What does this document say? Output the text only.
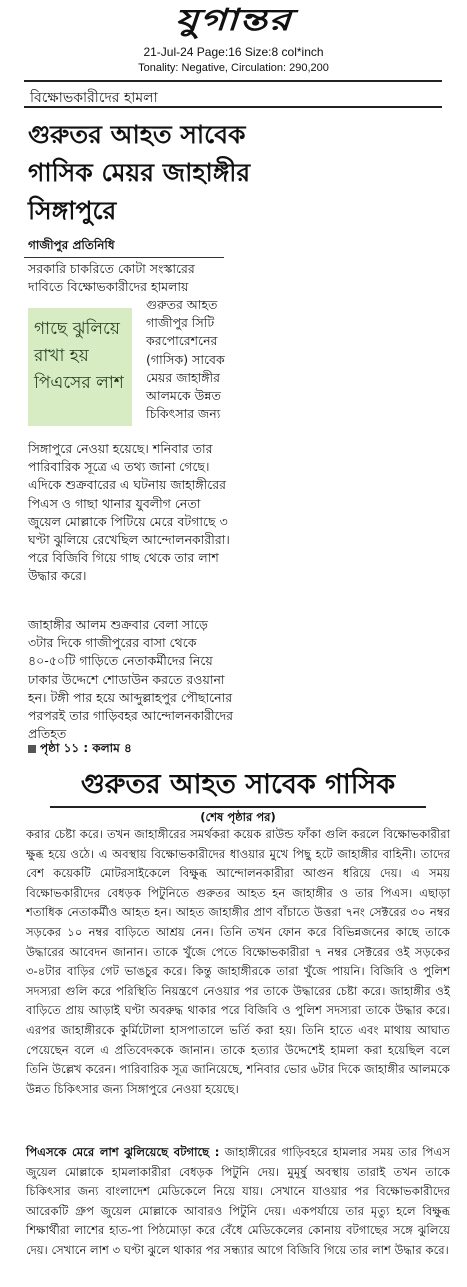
যুগান্তর
21-Jul-24 Page:16 Size:8 col*inch
Tonality: Negative, Circulation: 290,200
বিক্ষোভকারীদের হামলা
গুরুতর আহত সাবেক গাসিক মেয়র জাহাঙ্গীর সিঙ্গাপুরে
গাজীপুর প্রতিনিধি
সরকারি চাকরিতে কোটা সংস্কারের দাবিতে বিক্ষোভকারীদের হামলায়
গাছে ঝুলিয়ে রাখা হয় পিএসের লাশ
গুরুতর আহত গাজীপুর সিটি করপোরেশনের (গাসিক) সাবেক মেয়র জাহাঙ্গীর আলমকে উন্নত চিকিৎসার জন্য
সিঙ্গাপুরে নেওয়া হয়েছে। শনিবার তার পারিবারিক সূত্রে এ তথ্য জানা গেছে। এদিকে শুক্রবারের এ ঘটনায় জাহাঙ্গীরের পিএস ও গাছা থানার যুবলীগ নেতা জুয়েল মোল্লাকে পিটিয়ে মেরে বটগাছে ৩ ঘণ্টা ঝুলিয়ে রেখেছিল আন্দোলনকারীরা। পরে বিজিবি গিয়ে গাছ থেকে তার লাশ উদ্ধার করে।
জাহাঙ্গীর আলম শুক্রবার বেলা সাড়ে ৩টার দিকে গাজীপুরের বাসা থেকে ৪০-৫০টি গাড়িতে নেতাকর্মীদের নিয়ে ঢাকার উদ্দেশে শোডাউন করতে রওয়ানা হন। টঙ্গী পার হয়ে আব্দুল্লাহপুর পৌছানোর পরপরই তার গাড়িবহর আন্দোলনকারীদের প্রতিহত
পৃষ্ঠা ১১ : কলাম ৪
গুরুতর আহত সাবেক গাসিক
(শেষ পৃষ্ঠার পর)
করার চেষ্টা করে। তখন জাহাঙ্গীরের সমর্থকরা কয়েক রাউন্ড ফাঁকা গুলি করলে বিক্ষোভকারীরা ক্ষুব্ধ হয়ে ওঠে। এ অবস্থায় বিক্ষোভকারীদের ধাওয়ার মুখে পিছু হটে জাহাঙ্গীর বাহিনী। তাদের বেশ কয়েকটি মোটরসাইকেলে বিক্ষুব্ধ আন্দোলনকারীরা আগুন ধরিয়ে দেয়। এ সময় বিক্ষোভকারীদের বেধড়ক পিটুনিতে গুরুতর আহত হন জাহাঙ্গীর ও তার পিএস। এছাড়া শতাধিক নেতাকর্মীও আহত হন। আহত জাহাঙ্গীর প্রাণ বাঁচাতে উত্তরা ৭নং সেক্টরের ৩০ নম্বর সড়কের ১০ নম্বর বাড়িতে আশ্রয় নেন। তিনি তখন ফোন করে বিভিন্নজনের কাছে তাকে উদ্ধারের আবেদন জানান। তাকে খুঁজে পেতে বিক্ষোভকারীরা ৭ নম্বর সেক্টরের ওই সড়কের ৩-৪টার বাড়ির গেট ভাঙচুর করে। কিন্তু জাহাঙ্গীরকে তারা খুঁজে পায়নি। বিজিবি ও পুলিশ সদস্যরা গুলি করে পরিস্থিতি নিয়ন্ত্রণে নেওয়ার পর তাকে উদ্ধারের চেষ্টা করে। জাহাঙ্গীর ওই বাড়িতে প্রায় আড়াই ঘণ্টা অবরুদ্ধ থাকার পরে বিজিবি ও পুলিশ সদস্যরা তাকে উদ্ধার করে। এরপর জাহাঙ্গীরকে কুর্মিটোলা হাসপাতালে ভর্তি করা হয়। তিনি হাতে এবং মাথায় আঘাত পেয়েছেন বলে এ প্রতিবেদককে জানান। তাকে হত্যার উদ্দেশেই হামলা করা হয়েছিল বলে তিনি উল্লেখ করেন। পারিবারিক সূত্র জানিয়েছে, শনিবার ভোর ৬টার দিকে জাহাঙ্গীর আলমকে উন্নত চিকিৎসার জন্য সিঙ্গাপুরে নেওয়া হয়েছে।
পিএসকে মেরে লাশ ঝুলিয়েছে বটগাছে : জাহাঙ্গীরের গাড়িবহরে হামলার সময় তার পিএস জুয়েল মোল্লাকে হামলাকারীরা বেধড়ক পিটুনি দেয়। মুমূর্ষু অবস্থায় তারাই তখন তাকে চিকিৎসার জন্য বাংলাদেশ মেডিকেলে নিয়ে যায়। সেখানে যাওয়ার পর বিক্ষোভকারীদের আরেকটি গ্রুপ জুয়েল মোল্লাকে আবারও পিটুনি দেয়। একপর্যায়ে তার মৃত্যু হলে বিক্ষুব্ধ শিক্ষার্থীরা লাশের হাত-পা পিঠমোড়া করে বেঁধে মেডিকেলের কোনায় বটগাছের সঙ্গে ঝুলিয়ে দেয়। সেখানে লাশ ৩ ঘণ্টা ঝুলে থাকার পর সন্ধ্যার আগে বিজিবি গিয়ে তার লাশ উদ্ধার করে।
